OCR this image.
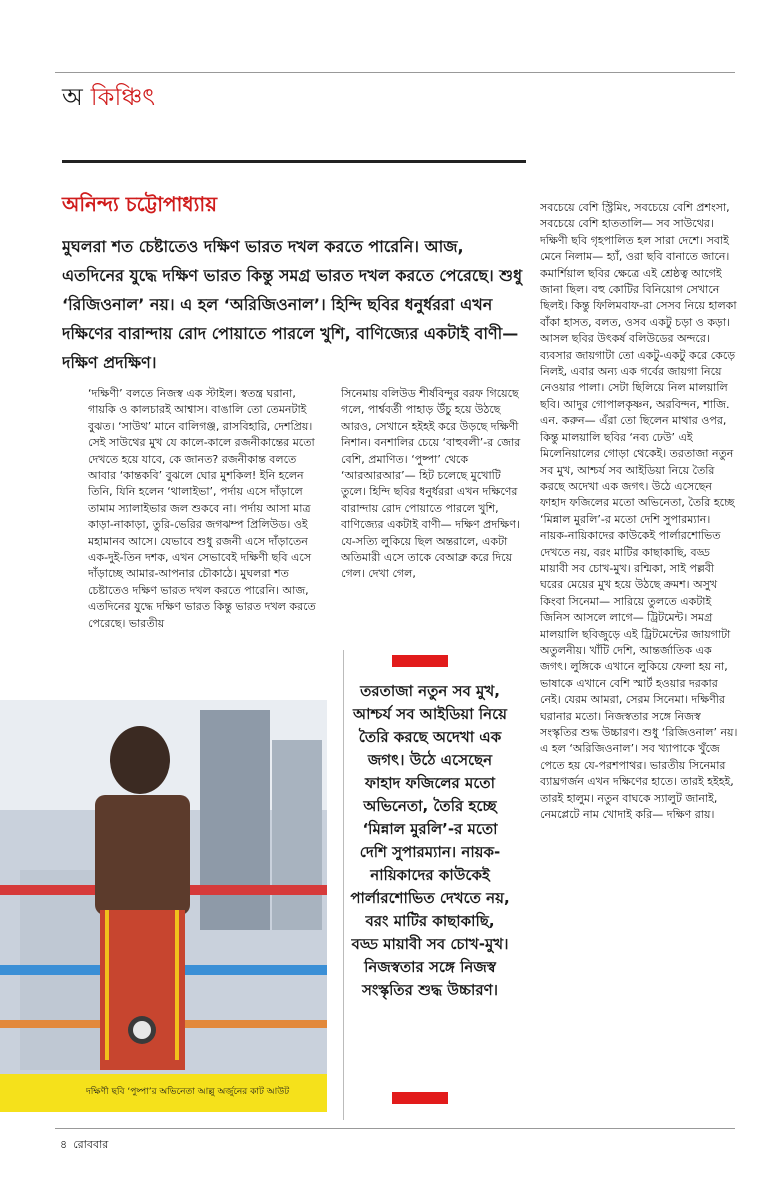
অ কিঞ্চিৎ
অনিন্দ্য চট্টোপাধ্যায়
মুঘলরা শত চেষ্টাতেও দক্ষিণ ভারত দখল করতে পারেনি। আজ, এতদিনের যুদ্ধে দক্ষিণ ভারত কিন্তু সমগ্র ভারত দখল করতে পেরেছে। শুধু ‘রিজিওনাল’ নয়। এ হল ‘অরিজিওনাল’। হিন্দি ছবির ধনুর্ধররা এখন দক্ষিণের বারান্দায় রোদ পোয়াতে পারলে খুশি, বাণিজ্যের একটাই বাণী— দক্ষিণ প্রদক্ষিণ।

‘দক্ষিণী’ বলতে নিজস্ব এক স্টাইল। স্বতন্ত্র ঘরানা, গায়কি ও কালচারই আশ্বাস। বাঙালি তো তেমনটাই বুঝত। ‘সাউথ’ মানে বালিগঞ্জ, রাসবিহারি, দেশপ্রিয়। সেই সাউথের মুখ যে কালে-কালে রজনীকান্তের মতো দেখতে হয়ে যাবে, কে জানত? রজনীকান্ত বলতে আবার ‘কান্তকবি’ বুঝলে ঘোর মুশকিল! ইনি হলেন তিনি, যিনি হলেন ‘থালাইভা’, পর্দায় এসে দাঁড়ালে তামাম স্যালাইভার জল শুকবে না। পর্দায় আসা মাত্র কাড়া-নাকাড়া, তুরি-ভেরির জগঝম্প প্রিলিউড। ওই মহামানব আসে। যেভাবে শুধু রজনী এসে দাঁড়াতেন এক-দুই-তিন দশক, এখন সেভাবেই দক্ষিণী ছবি এসে দাঁড়াচ্ছে আমার-আপনার চৌকাঠে। মুঘলরা শত চেষ্টাতেও দক্ষিণ ভারত দখল করতে পারেনি। আজ, এতদিনের যুদ্ধে দক্ষিণ ভারত কিন্তু ভারত দখল করতে পেরেছে। ভারতীয়

সিনেমায় বলিউড শীর্ষবিন্দুর বরফ গিয়েছে গলে, পার্শ্ববর্তী পাহাড় উঁচু হয়ে উঠছে আরও, সেখানে হইহই করে উড়ছে দক্ষিণী নিশান। বনশালির চেয়ে ‘বাহুবলী’-র জোর বেশি, প্রমাণিত। ‘পুষ্পা’ থেকে ‘আরআরআর’— হিট চলেছে মুখোটি তুলে। হিন্দি ছবির ধনুর্ধররা এখন দক্ষিণের বারান্দায় রোদ পোয়াতে পারলে খুশি, বাণিজ্যের একটাই বাণী— দক্ষিণ প্রদক্ষিণ। যে-সত্যি লুকিয়ে ছিল অন্তরালে, একটা অতিমারী এসে তাকে বেআব্রু করে দিয়ে গেল। দেখা গেল,

সবচেয়ে বেশি স্ট্রিমিং, সবচেয়ে বেশি প্রশংসা, সবচেয়ে বেশি হাততালি— সব সাউথের। দক্ষিণী ছবি গৃহপালিত হল সারা দেশে। সবাই মেনে নিলাম— হ্যাঁ, ওরা ছবি বানাতে জানে। কমার্শিয়াল ছবির ক্ষেত্রে এই শ্রেষ্ঠত্ব আগেই জানা ছিল। বহু কোটির বিনিয়োগ সেখানে ছিলই। কিন্তু ফিলিমবাফ-রা সেসব নিয়ে হালকা বাঁকা হাসত, বলত, ওসব একটু চড়া ও কড়া। আসল ছবির উৎকর্ষ বলিউডের অন্দরে। ব্যবসার জায়গাটা তো একটু-একটু করে কেড়ে নিলই, এবার অন্য এক গর্বের জায়গা নিয়ে নেওয়ার পালা। সেটা ছিলিয়ে নিল মালয়ালি ছবি। আদুর গোপালকৃষ্ণন, অরবিন্দন, শাজি. এন. করুন— এঁরা তো ছিলেন মাথার ওপর, কিন্তু মালয়ালি ছবির ‘নব্য ঢেউ’ এই মিলেনিয়ালের গোড়া থেকেই। তরতাজা নতুন সব মুখ, আশ্চর্য সব আইডিয়া নিয়ে তৈরি করছে অদেখা এক জগৎ। উঠে এসেছেন ফাহাদ ফজিলের মতো অভিনেতা, তৈরি হচ্ছে ‘মিন্নাল মুরলি’-র মতো দেশি সুপারম্যান। নায়ক-নায়িকাদের কাউকেই পার্লারশোভিত দেখতে নয়, বরং মাটির কাছাকাছি, বড্ড মায়াবী সব চোখ-মুখ। রশ্মিকা, সাই পল্লবী ঘরের মেয়ের মুখ হয়ে উঠছে ক্রমশ। অসুখ কিংবা সিনেমা— সারিয়ে তুলতে একটাই জিনিস আসলে লাগে— ট্রিটমেন্ট। সমগ্র মালয়ালি ছবিজুড়ে এই ট্রিটমেন্টের জায়গাটা অতুলনীয়। খাঁটি দেশি, আন্তর্জাতিক এক জগৎ। লুঙ্গিকে এখানে লুকিয়ে ফেলা হয় না, ভাষাকে এখানে বেশি স্মার্ট হওয়ার দরকার নেই। যেরম আমরা, সেরম সিনেমা। দক্ষিণীর ঘরানার মতো। নিজস্বতার সঙ্গে নিজস্ব সংস্কৃতির শুদ্ধ উচ্চারণ। শুধু ‘রিজিওনাল’ নয়। এ হল ‘অরিজিওনাল’। সব খ্যাপাকে খুঁজে পেতে হয় যে-পরশপাথর। ভারতীয় সিনেমার ব্যাঘ্রগর্জন এখন দক্ষিণের হাতে। তারই হইহই, তারই হালুম। নতুন বাঘকে স্যালুট জানাই, নেমপ্লেটে নাম খোদাই করি— দক্ষিণ রায়।

দক্ষিণী ছবি ‘পুষ্পা’র অভিনেতা আল্লু অর্জুনের কাট আউট
তরতাজা নতুন সব মুখ, আশ্চর্য সব আইডিয়া নিয়ে তৈরি করছে অদেখা এক জগৎ। উঠে এসেছেন ফাহাদ ফজিলের মতো অভিনেতা, তৈরি হচ্ছে ‘মিন্নাল মুরলি’-র মতো দেশি সুপারম্যান। নায়ক-নায়িকাদের কাউকেই পার্লারশোভিত দেখতে নয়, বরং মাটির কাছাকাছি, বড্ড মায়াবী সব চোখ-মুখ। নিজস্বতার সঙ্গে নিজস্ব সংস্কৃতির শুদ্ধ উচ্চারণ।
৪ রোববার
